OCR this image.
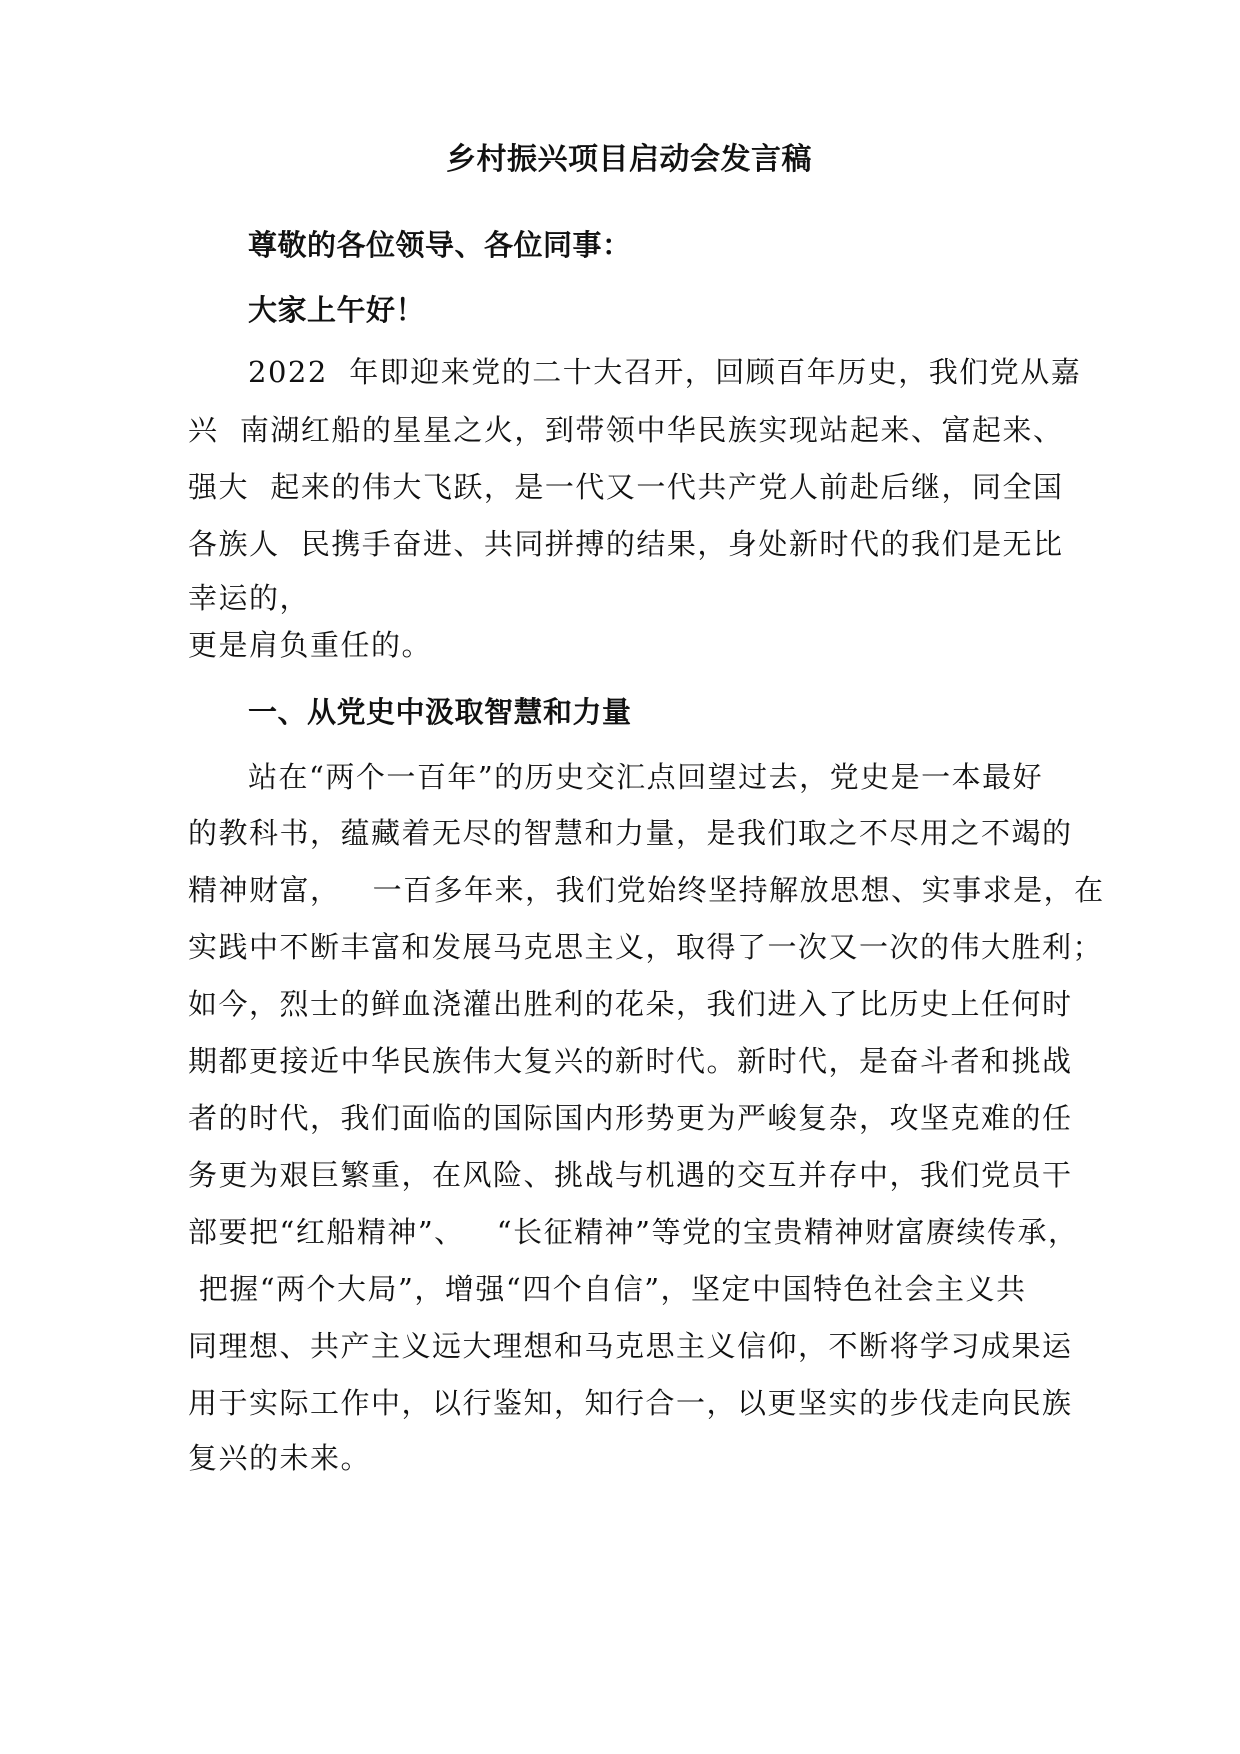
乡村振兴项目启动会发言稿
尊敬的各位领导、各位同事：
大家上午好！
2022  年即迎来党的二十大召开，回顾百年历史，我们党从嘉
兴  南湖红船的星星之火，到带领中华民族实现站起来、富起来、
强大  起来的伟大飞跃，是一代又一代共产党人前赴后继，同全国
各族人  民携手奋进、共同拼搏的结果，身处新时代的我们是无比
幸运的，
更是肩负重任的。
一、从党史中汲取智慧和力量
站在“两个一百年”的历史交汇点回望过去，党史是一本最好
的教科书，蕴藏着无尽的智慧和力量，是我们取之不尽用之不竭的
精神财富，   一百多年来，我们党始终坚持解放思想、实事求是，在
实践中不断丰富和发展马克思主义，取得了一次又一次的伟大胜利；
如今，烈士的鲜血浇灌出胜利的花朵，我们进入了比历史上任何时
期都更接近中华民族伟大复兴的新时代。新时代，是奋斗者和挑战
者的时代，我们面临的国际国内形势更为严峻复杂，攻坚克难的任
务更为艰巨繁重，在风险、挑战与机遇的交互并存中，我们党员干
部要把“红船精神”、   “长征精神”等党的宝贵精神财富赓续传承，
把握“两个大局”，增强“四个自信”，坚定中国特色社会主义共
同理想、共产主义远大理想和马克思主义信仰，不断将学习成果运
用于实际工作中，以行鉴知，知行合一，以更坚实的步伐走向民族
复兴的未来。
